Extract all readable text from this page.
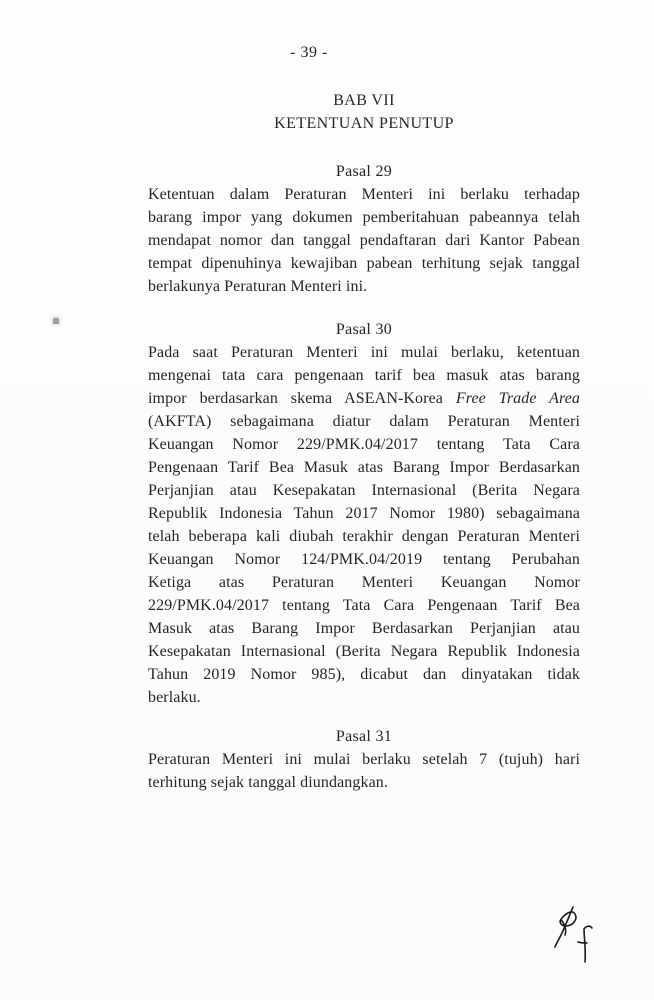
- 39 -
BAB VII
KETENTUAN PENUTUP
Pasal 29
Ketentuan dalam Peraturan Menteri ini berlaku terhadap
barang impor yang dokumen pemberitahuan pabeannya telah
mendapat nomor dan tanggal pendaftaran dari Kantor Pabean
tempat dipenuhinya kewajiban pabean terhitung sejak tanggal
berlakunya Peraturan Menteri ini.
Pasal 30
Pada saat Peraturan Menteri ini mulai berlaku, ketentuan
mengenai tata cara pengenaan tarif bea masuk atas barang
impor berdasarkan skema ASEAN-Korea Free Trade Area
(AKFTA) sebagaimana diatur dalam Peraturan Menteri
Keuangan Nomor 229/PMK.04/2017 tentang Tata Cara
Pengenaan Tarif Bea Masuk atas Barang Impor Berdasarkan
Perjanjian atau Kesepakatan Internasional (Berita Negara
Republik Indonesia Tahun 2017 Nomor 1980) sebagaimana
telah beberapa kali diubah terakhir dengan Peraturan Menteri
Keuangan Nomor 124/PMK.04/2019 tentang Perubahan
Ketiga atas Peraturan Menteri Keuangan Nomor
229/PMK.04/2017 tentang Tata Cara Pengenaan Tarif Bea
Masuk atas Barang Impor Berdasarkan Perjanjian atau
Kesepakatan Internasional (Berita Negara Republik Indonesia
Tahun 2019 Nomor 985), dicabut dan dinyatakan tidak
berlaku.
Pasal 31
Peraturan Menteri ini mulai berlaku setelah 7 (tujuh) hari
terhitung sejak tanggal diundangkan.
